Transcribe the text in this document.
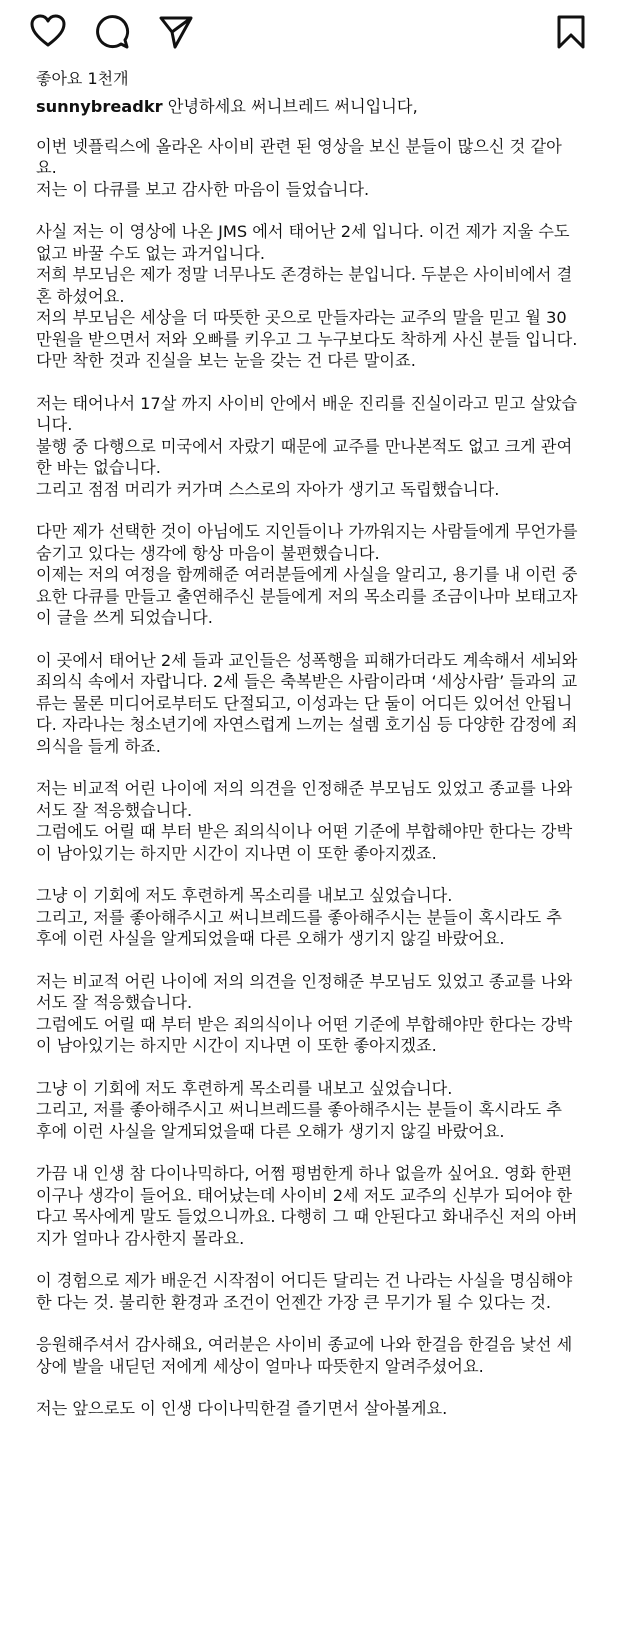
좋아요 1천개

sunnybreadkr 안녕하세요 써니브레드 써니입니다,

이번 넷플릭스에 올라온 사이비 관련 된 영상을 보신 분들이 많으신 것 같아
요.
저는 이 다큐를 보고 감사한 마음이 들었습니다.

사실 저는 이 영상에 나온 JMS 에서 태어난 2세 입니다. 이건 제가 지울 수도
없고 바꿀 수도 없는 과거입니다.
저희 부모님은 제가 정말 너무나도 존경하는 분입니다. 두분은 사이비에서 결
혼 하셨어요.
저의 부모님은 세상을 더 따뜻한 곳으로 만들자라는 교주의 말을 믿고 월 30
만원을 받으면서 저와 오빠를 키우고 그 누구보다도 착하게 사신 분들 입니다.
다만 착한 것과 진실을 보는 눈을 갖는 건 다른 말이죠.

저는 태어나서 17살 까지 사이비 안에서 배운 진리를 진실이라고 믿고 살았습
니다.
불행 중 다행으로 미국에서 자랐기 때문에 교주를 만나본적도 없고 크게 관여
한 바는 없습니다.
그리고 점점 머리가 커가며 스스로의 자아가 생기고 독립했습니다.

다만 제가 선택한 것이 아님에도 지인들이나 가까워지는 사람들에게 무언가를
숨기고 있다는 생각에 항상 마음이 불편했습니다.
이제는 저의 여정을 함께해준 여러분들에게 사실을 알리고, 용기를 내 이런 중
요한 다큐를 만들고 출연해주신 분들에게 저의 목소리를 조금이나마 보태고자
이 글을 쓰게 되었습니다.

이 곳에서 태어난 2세 들과 교인들은 성폭행을 피해가더라도 계속해서 세뇌와
죄의식 속에서 자랍니다. 2세 들은 축복받은 사람이라며 ‘세상사람’ 들과의 교
류는 물론 미디어로부터도 단절되고, 이성과는 단 둘이 어디든 있어선 안됩니
다. 자라나는 청소년기에 자연스럽게 느끼는 설렘 호기심 등 다양한 감정에 죄
의식을 들게 하죠.

저는 비교적 어린 나이에 저의 의견을 인정해준 부모님도 있었고 종교를 나와
서도 잘 적응했습니다.
그럼에도 어릴 때 부터 받은 죄의식이나 어떤 기준에 부합해야만 한다는 강박
이 남아있기는 하지만 시간이 지나면 이 또한 좋아지겠죠.

그냥 이 기회에 저도 후련하게 목소리를 내보고 싶었습니다.
그리고, 저를 좋아해주시고 써니브레드를 좋아해주시는 분들이 혹시라도 추
후에 이런 사실을 알게되었을때 다른 오해가 생기지 않길 바랐어요.

저는 비교적 어린 나이에 저의 의견을 인정해준 부모님도 있었고 종교를 나와
서도 잘 적응했습니다.
그럼에도 어릴 때 부터 받은 죄의식이나 어떤 기준에 부합해야만 한다는 강박
이 남아있기는 하지만 시간이 지나면 이 또한 좋아지겠죠.

그냥 이 기회에 저도 후련하게 목소리를 내보고 싶었습니다.
그리고, 저를 좋아해주시고 써니브레드를 좋아해주시는 분들이 혹시라도 추
후에 이런 사실을 알게되었을때 다른 오해가 생기지 않길 바랐어요.

가끔 내 인생 참 다이나믹하다, 어쩜 평범한게 하나 없을까 싶어요. 영화 한편
이구나 생각이 들어요. 태어났는데 사이비 2세 저도 교주의 신부가 되어야 한
다고 목사에게 말도 들었으니까요. 다행히 그 때 안된다고 화내주신 저의 아버
지가 얼마나 감사한지 몰라요.

이 경험으로 제가 배운건 시작점이 어디든 달리는 건 나라는 사실을 명심해야
한 다는 것. 불리한 환경과 조건이 언젠간 가장 큰 무기가 될 수 있다는 것.

응원해주셔서 감사해요, 여러분은 사이비 종교에 나와 한걸음 한걸음 낯선 세
상에 발을 내딛던 저에게 세상이 얼마나 따뜻한지 알려주셨어요.

저는 앞으로도 이 인생 다이나믹한걸 즐기면서 살아볼게요.
